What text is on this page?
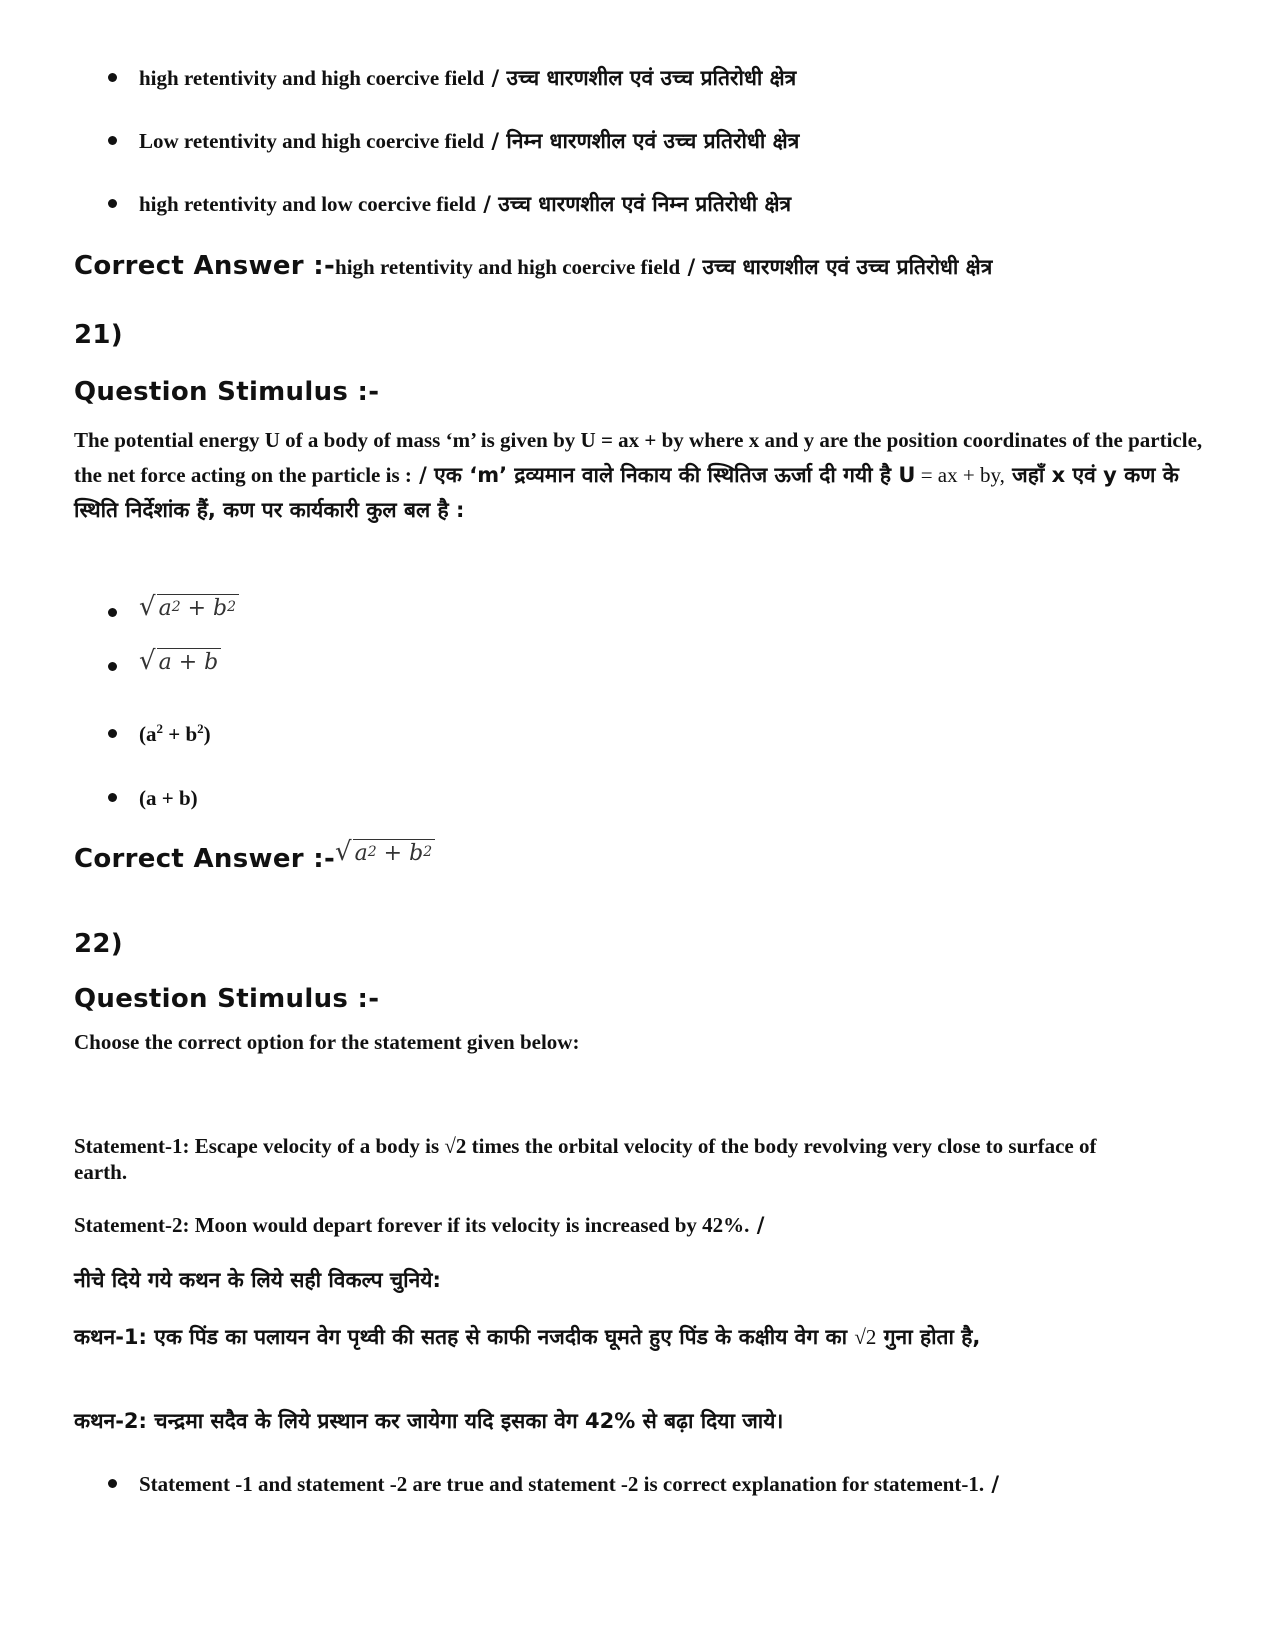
high retentivity and high coercive field / उच्च धारणशील एवं उच्च प्रतिरोधी क्षेत्र
Low retentivity and high coercive field / निम्न धारणशील एवं उच्च प्रतिरोधी क्षेत्र
high retentivity and low coercive field / उच्च धारणशील एवं निम्न प्रतिरोधी क्षेत्र
Correct Answer :- high retentivity and high coercive field / उच्च धारणशील एवं उच्च प्रतिरोधी क्षेत्र
21)
Question Stimulus :-
The potential energy U of a body of mass ‘m’ is given by U = ax + by where x and y are the position coordinates of the particle, the net force acting on the particle is : / एक ‘m’ द्रव्यमान वाले निकाय की स्थितिज ऊर्जा दी गयी है U = ax + by, जहाँ x एवं y कण के स्थिति निर्देशांक हैं, कण पर कार्यकारी कुल बल है :
√ $a^2 + b^2$
√ a + b
$(a^2 + b^2)$
(a + b)
Correct Answer :- √ $a^2 + b^2$
22)
Question Stimulus :-
Choose the correct option for the statement given below:
Statement-1: Escape velocity of a body is √2 times the orbital velocity of the body revolving very close to surface of earth.
Statement-2: Moon would depart forever if its velocity is increased by 42%. /
नीचे दिये गये कथन के लिये सही विकल्प चुनिये:
कथन-1: एक पिंड का पलायन वेग पृथ्वी की सतह से काफी नजदीक घूमते हुए पिंड के कक्षीय वेग का √2 गुना होता है,
कथन-2: चन्द्रमा सदैव के लिये प्रस्थान कर जायेगा यदि इसका वेग 42% से बढ़ा दिया जाये।
Statement -1 and statement -2 are true and statement -2 is correct explanation for statement-1. /
